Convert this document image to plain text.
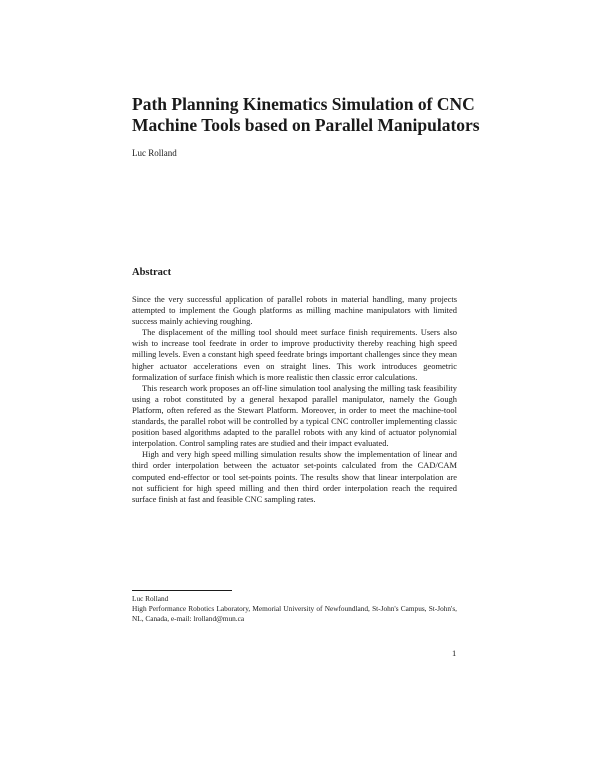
Path Planning Kinematics Simulation of CNC
Machine Tools based on Parallel Manipulators

Luc Rolland

Abstract

Since the very successful application of parallel robots in material handling, many projects attempted to implement the Gough platforms as milling machine manipulators with limited success mainly achieving roughing.

The displacement of the milling tool should meet surface finish requirements. Users also wish to increase tool feedrate in order to improve productivity thereby reaching high speed milling levels. Even a constant high speed feedrate brings important challenges since they mean higher actuator accelerations even on straight lines. This work introduces geometric formalization of surface finish which is more realistic then classic error calculations.

This research work proposes an off-line simulation tool analysing the milling task feasibility using a robot constituted by a general hexapod parallel manipulator, namely the Gough Platform, often refered as the Stewart Platform. Moreover, in order to meet the machine-tool standards, the parallel robot will be controlled by a typical CNC controller implementing classic position based algorithms adapted to the parallel robots with any kind of actuator polynomial interpolation. Control sampling rates are studied and their impact evaluated.

High and very high speed milling simulation results show the implementation of linear and third order interpolation between the actuator set-points calculated from the CAD/CAM computed end-effector or tool set-points points. The results show that linear interpolation are not sufficient for high speed milling and then third order interpolation reach the required surface finish at fast and feasible CNC sampling rates.

Luc Rolland

High Performance Robotics Laboratory, Memorial University of Newfoundland, St-John's Campus, St-John's, NL, Canada, e-mail: lrolland@mun.ca

1
